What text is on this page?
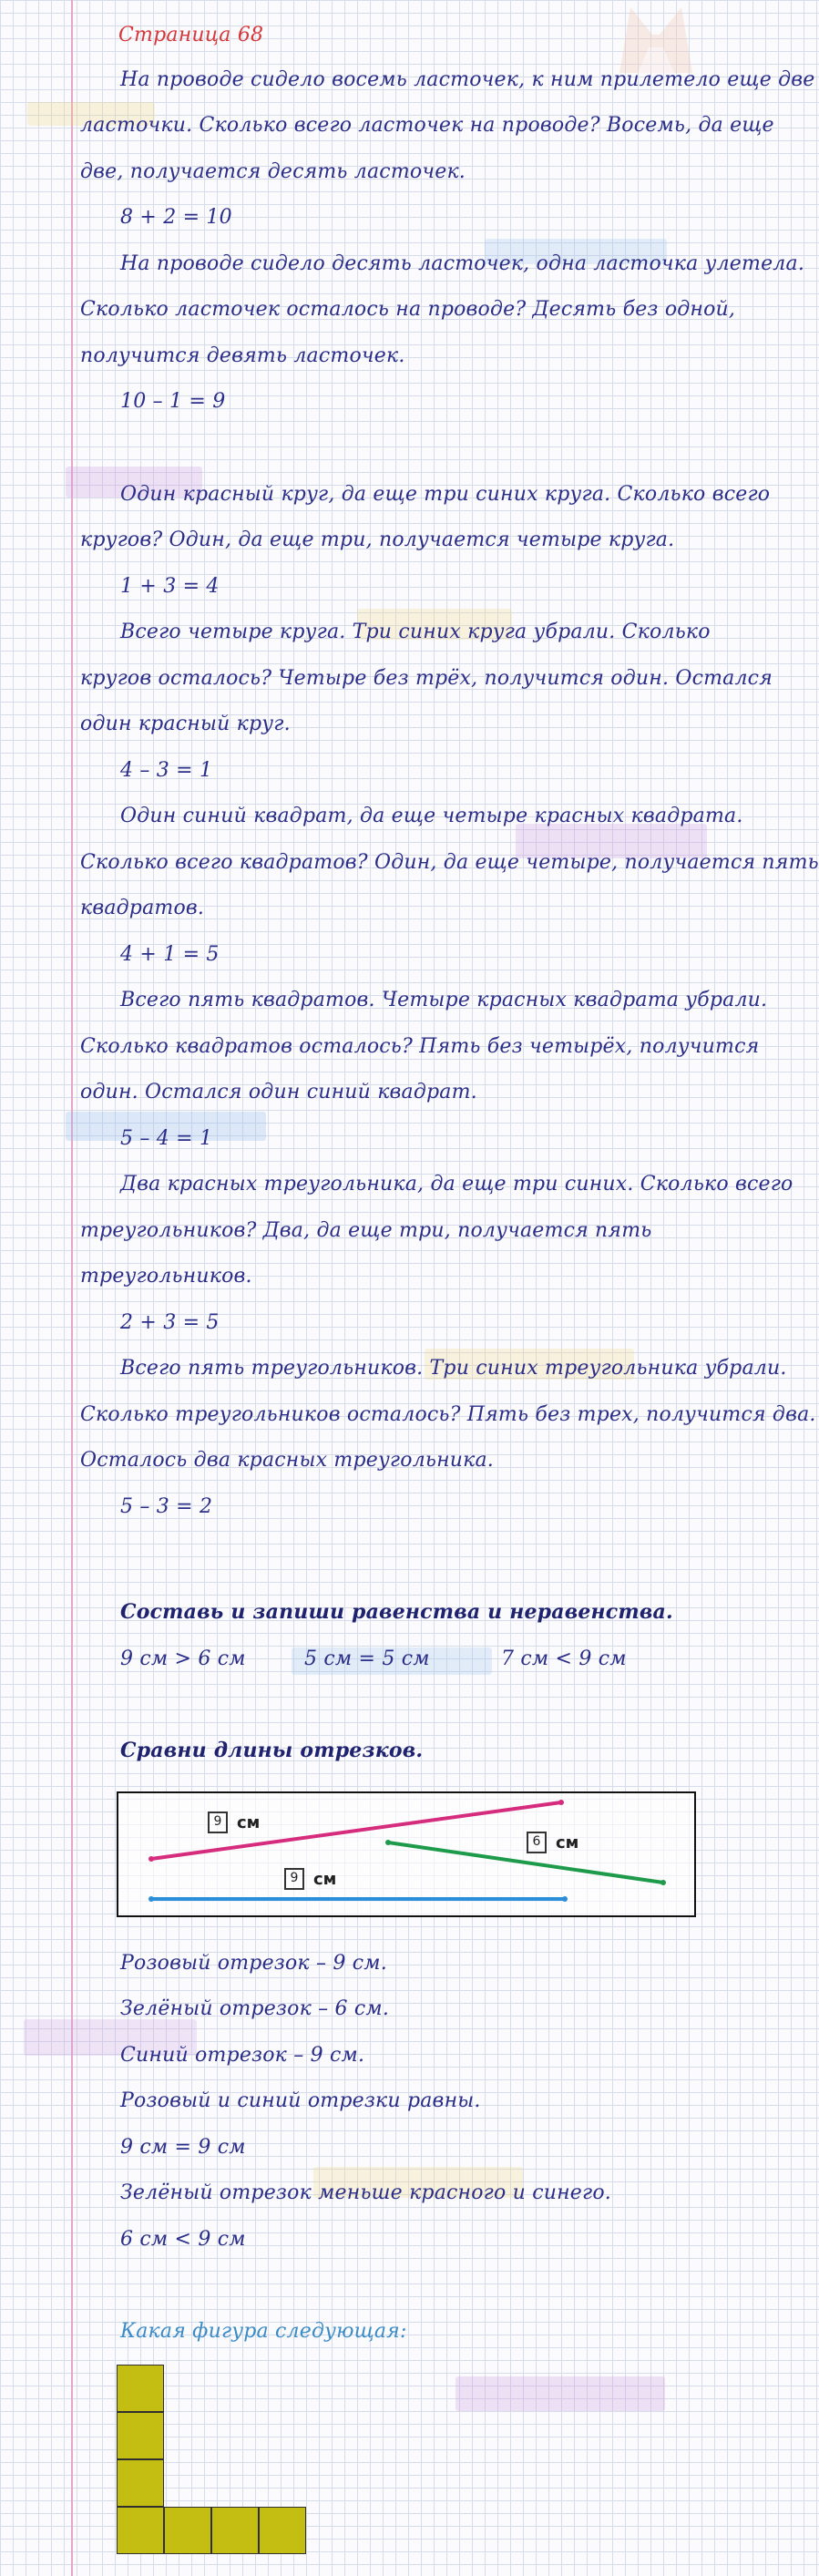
Страница 68
На проводе сидело восемь ласточек, к ним прилетело еще две
ласточки. Сколько всего ласточек на проводе? Восемь, да еще
две, получается десять ласточек.
8 + 2 = 10
На проводе сидело десять ласточек, одна ласточка улетела.
Сколько ласточек осталось на проводе? Десять без одной,
получится девять ласточек.
10 – 1 = 9
Один красный круг, да еще три синих круга. Сколько всего
кругов? Один, да еще три, получается четыре круга.
1 + 3 = 4
Всего четыре круга. Три синих круга убрали. Сколько
кругов осталось? Четыре без трёх, получится один. Остался
один красный круг.
4 – 3 = 1
Один синий квадрат, да еще четыре красных квадрата.
Сколько всего квадратов? Один, да еще четыре, получается пять
квадратов.
4 + 1 = 5
Всего пять квадратов. Четыре красных квадрата убрали.
Сколько квадратов осталось? Пять без четырёх, получится
один. Остался один синий квадрат.
5 – 4 = 1
Два красных треугольника, да еще три синих. Сколько всего
треугольников? Два, да еще три, получается пять
треугольников.
2 + 3 = 5
Всего пять треугольников. Три синих треугольника убрали.
Сколько треугольников осталось? Пять без трех, получится два.
Осталось два красных треугольника.
5 – 3 = 2
Составь и запиши равенства и неравенства.
9 см > 6 см	5 см = 5 см	7 см < 9 см
Сравни длины отрезков.
9 см
6 см
9 см
Розовый отрезок – 9 см.
Зелёный отрезок – 6 см.
Синий отрезок – 9 см.
Розовый и синий отрезки равны.
9 см = 9 см
Зелёный отрезок меньше красного и синего.
6 см < 9 см
Какая фигура следующая:
